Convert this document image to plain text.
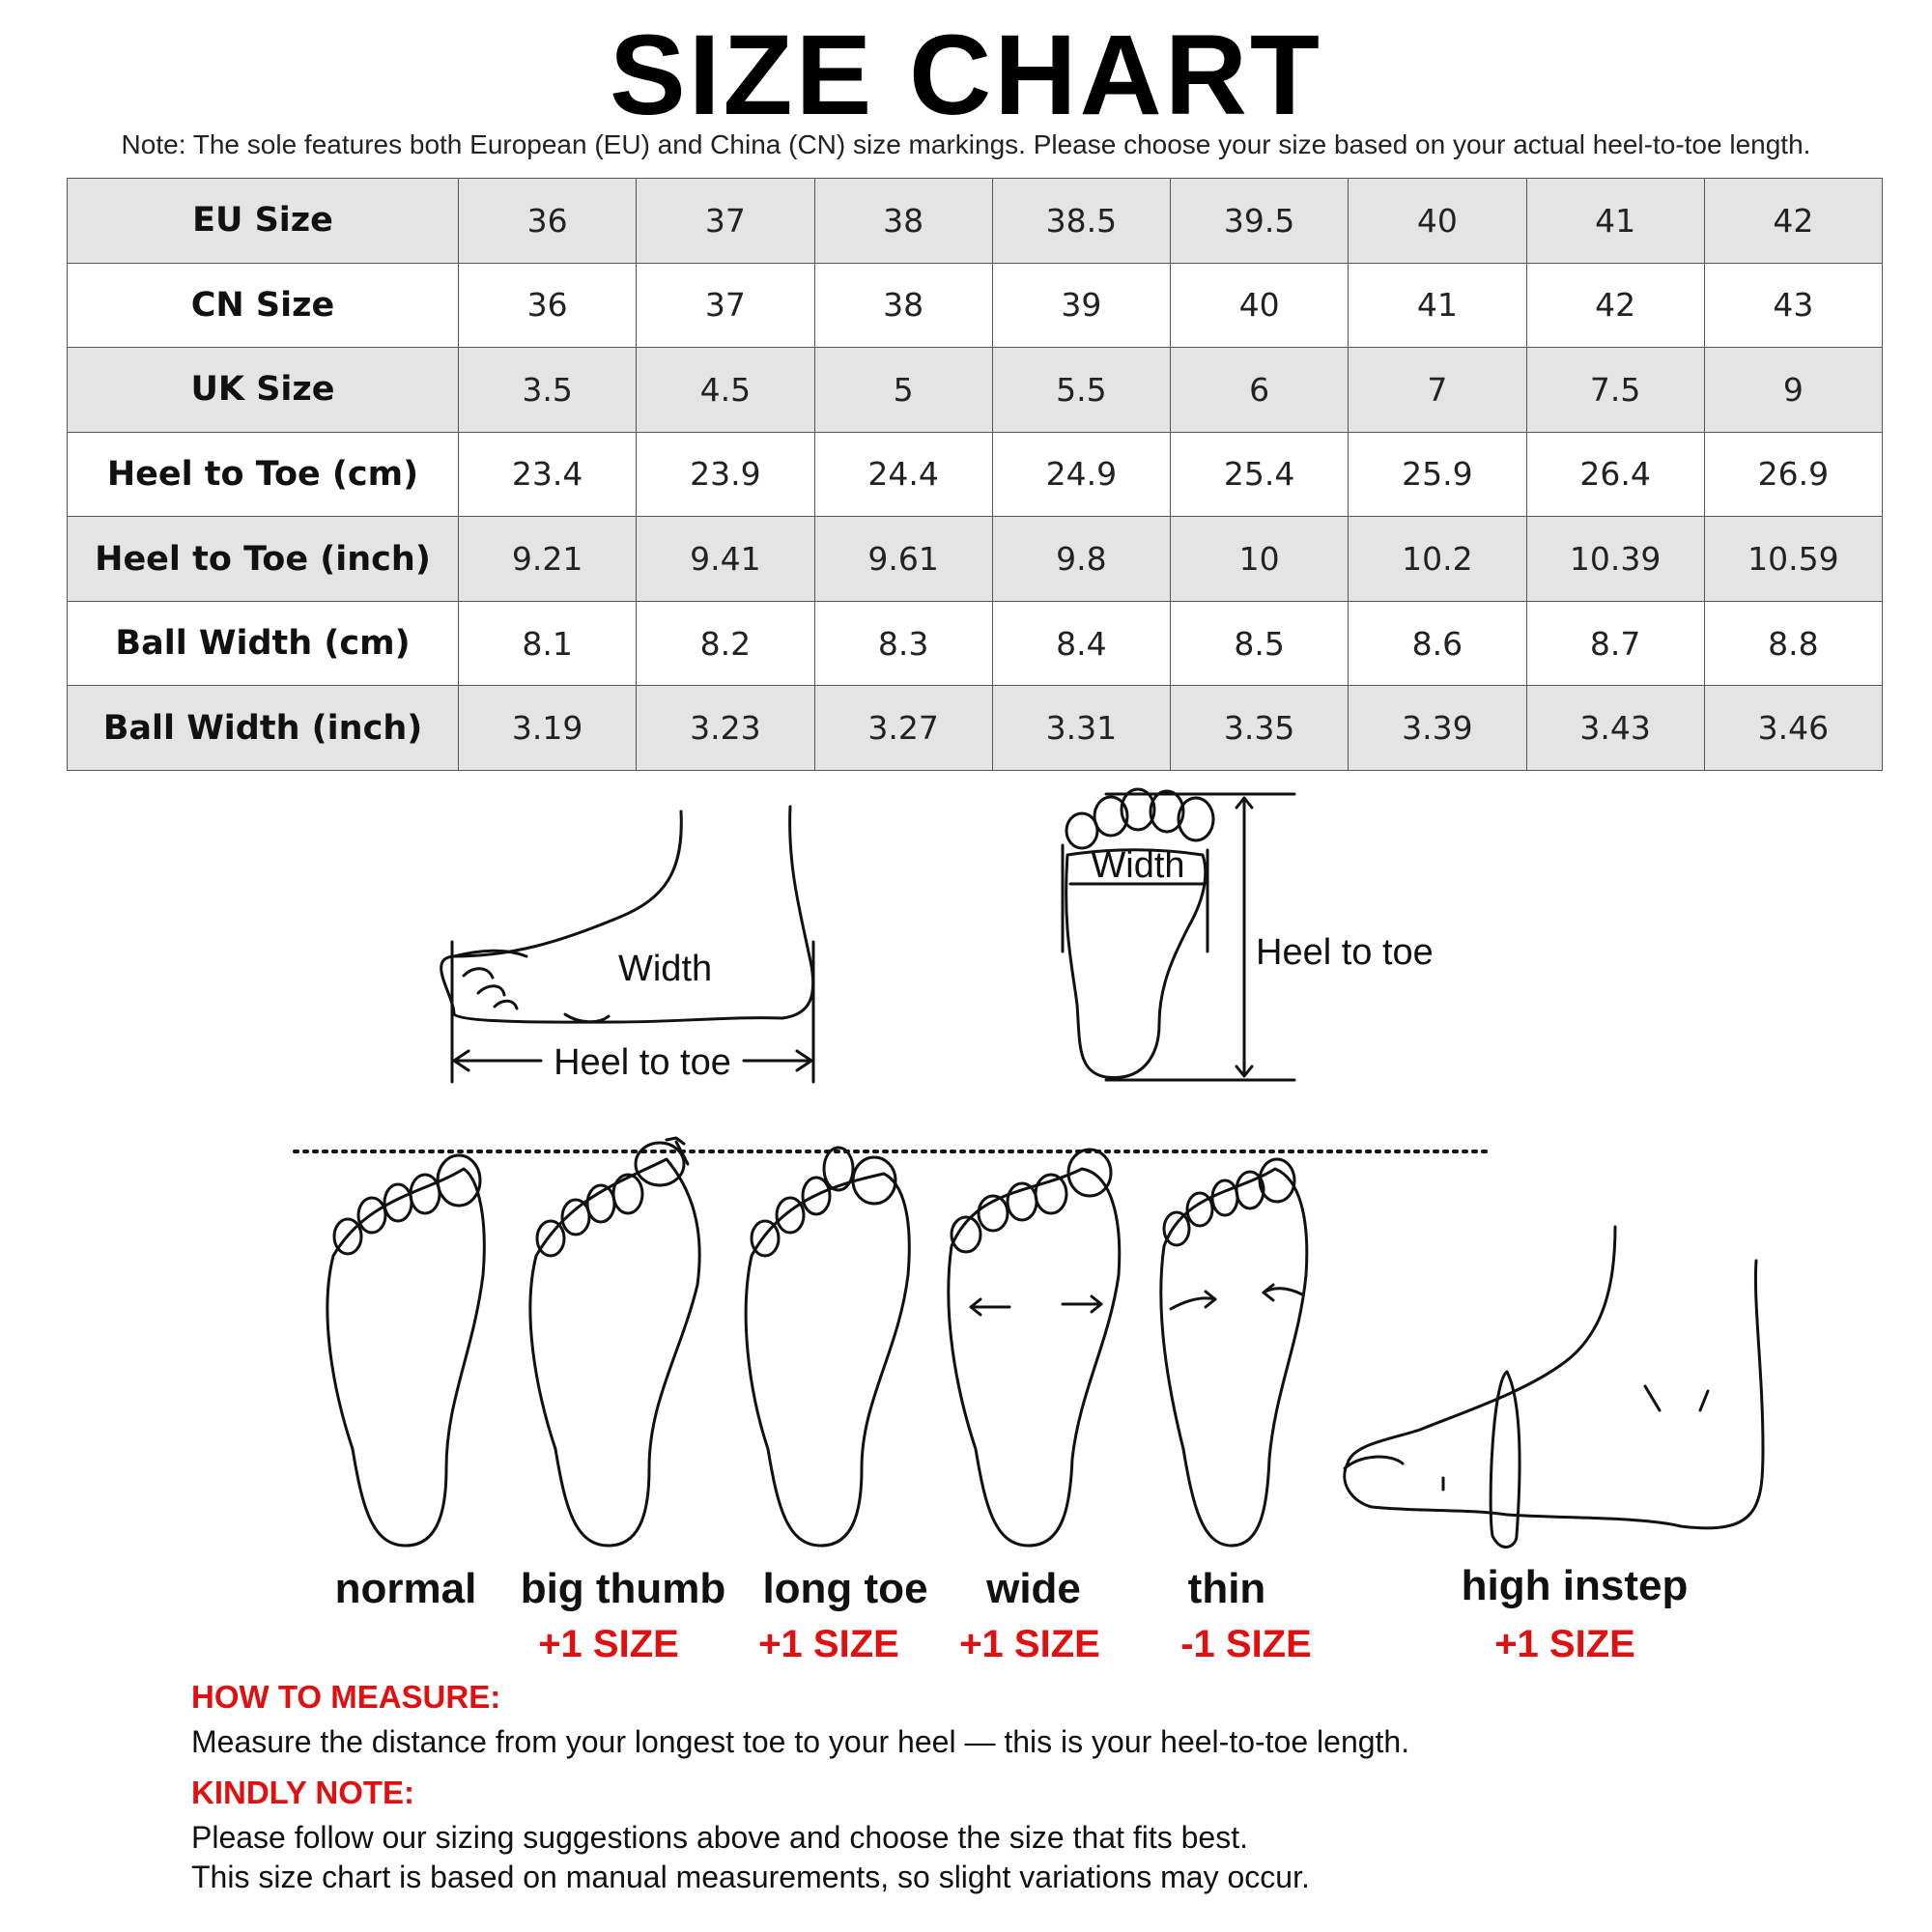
SIZE CHART
Note: The sole features both European (EU) and China (CN) size markings. Please choose your size based on your actual heel-to-toe length.
EU Size	36	37	38	38.5	39.5	40	41	42
CN Size	36	37	38	39	40	41	42	43
UK Size	3.5	4.5	5	5.5	6	7	7.5	9
Heel to Toe (cm)	23.4	23.9	24.4	24.9	25.4	25.9	26.4	26.9
Heel to Toe (inch)	9.21	9.41	9.61	9.8	10	10.2	10.39	10.59
Ball Width (cm)	8.1	8.2	8.3	8.4	8.5	8.6	8.7	8.8
Ball Width (inch)	3.19	3.23	3.27	3.31	3.35	3.39	3.43	3.46
Width
Heel to toe
Width
Heel to toe
normal	big thumb long toe	wide	thin	high instep
+1 SIZE +1 SIZE +1 SIZE	-1 SIZE	+1 SIZE
HOW TO MEASURE:
Measure the distance from your longest toe to your heel — this is your heel-to-toe length.
KINDLY NOTE:
Please follow our sizing suggestions above and choose the size that fits best.
This size chart is based on manual measurements, so slight variations may occur.
